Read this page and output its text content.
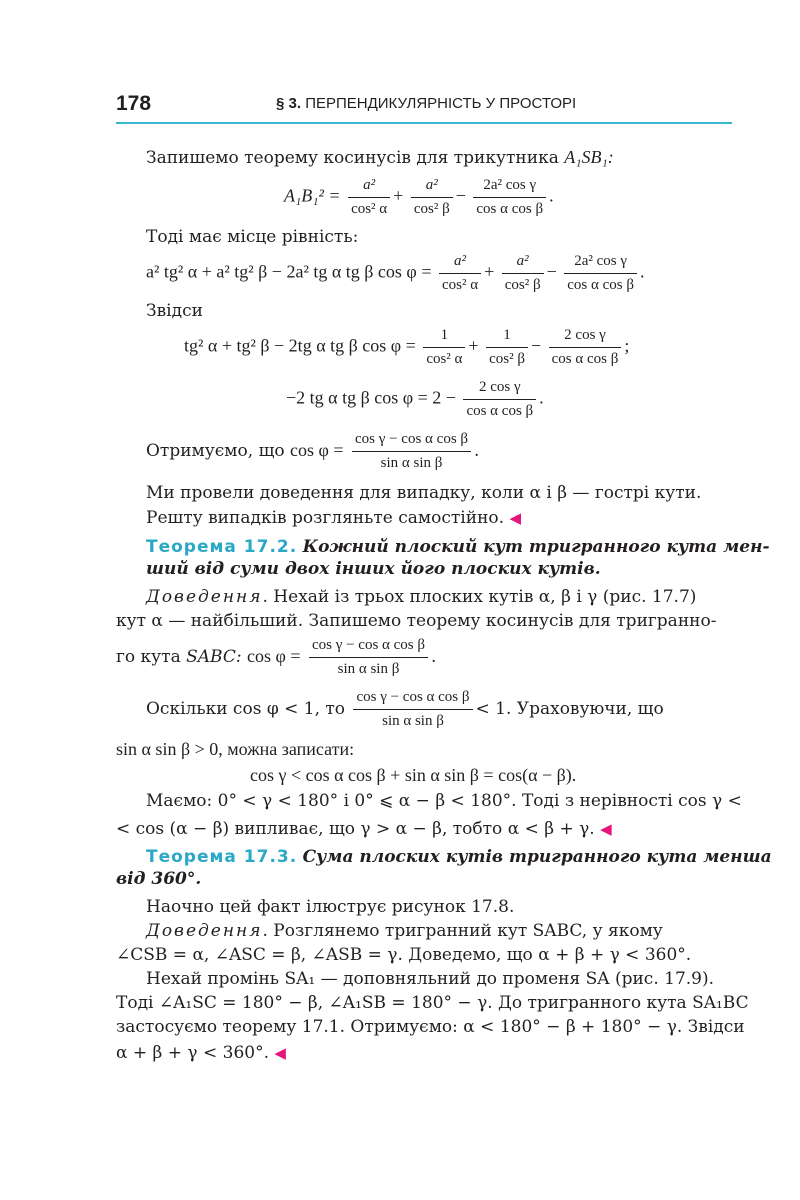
178	§ 3. ПЕРПЕНДИКУЛЯРНІСТЬ У ПРОСТОРІ
Запишемо теорему косинусів для трикутника A₁SB₁:
$A_1B_1^2 = \frac{\text{a²}}{\text{cos² α}} + \frac{\text{a²}}{\text{cos² β}} - \frac{\text{2a² cos γ}}{\text{cos α cos β}}$ .
Тоді має місце рівність:
a² tg² α + a² tg² β − 2a² tg α tg β $\cos \varphi = \frac{\text{a²}}{\text{cos² α}} + \frac{\text{a²}}{\text{cos² β}} - \frac{\text{2a² cos γ}}{\text{cos α cos β}}$ .
Звідси
tg² α + tg² β − 2tg α tg β $\cos \varphi = \frac{1}{\text{cos² α}} + \frac{1}{\text{cos² β}} - \frac{\text{2 cos γ}}{\text{cos α cos β}}$ ;
−2 tg α tg β $\cos \varphi = 2 - \frac{\text{2 cos γ}}{\text{cos α cos β}}$ .
Отримуємо, що $\cos \varphi = \frac{\text{cos γ − cos α cos β}}{\text{sin α sin β}}$ .
Ми провели доведення для випадку, коли α і β — гострі кути.
Решту випадків розгляньте самостійно. ◀
Теорема 17.2. Кожний плоский кут тригранного кута мен-
ший від суми двох інших його плоских кутів.
Доведення. Нехай із трьох плоских кутів α, β і γ (рис. 17.7)
кут α — найбільший. Запишемо теорему косинусів для тригранно-
го кута SABC: $\cos \varphi = \frac{\text{cos γ − cos α cos β}}{\text{sin α sin β}}$ .
Оскільки cos φ < 1, то $\frac{\text{cos γ − cos α cos β}}{\text{sin α sin β}} < 1$. Ураховуючи, що
sin α sin β > 0, можна записати:
cos γ < cos α cos β + sin α sin β = cos(α − β).
Маємо: 0° < γ < 180° і 0° ⩽ α − β < 180°. Тоді з нерівності cos γ <
< cos (α − β) випливає, що γ > α − β, тобто α < β + γ. ◀
Теорема 17.3. Сума плоских кутів тригранного кута менша
від 360°.
Наочно цей факт ілюструє рисунок 17.8.
Доведення. Розглянемо тригранний кут SABC, у якому
∠CSB = α, ∠ASC = β, ∠ASB = γ. Доведемо, що α + β + γ < 360°.
Нехай промінь SA₁ — доповняльний до променя SA (рис. 17.9).
Тоді ∠A₁SC = 180° − β, ∠A₁SB = 180° − γ. До тригранного кута SA₁BC
застосуємо теорему 17.1. Отримуємо: α < 180° − β + 180° − γ. Звідси
α + β + γ < 360°. ◀
